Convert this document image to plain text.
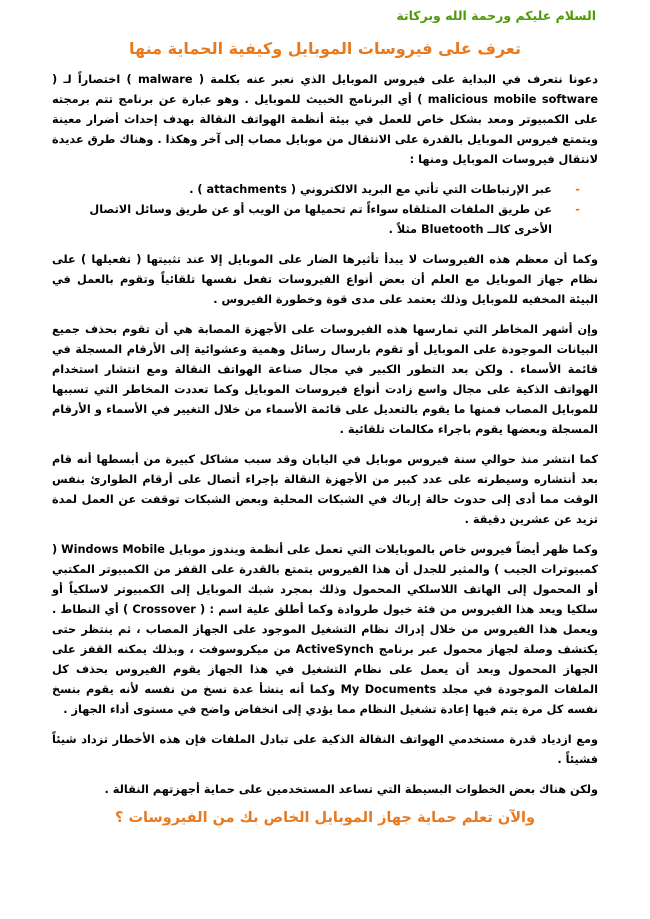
السلام عليكم ورحمة الله وبركاتة
تعرف على فيروسات الموبايل وكيفية الحماية منها

دعونا نتعرف في البداية على فيروس الموبايل الذي نعبر عنه بكلمة ( malware ) اختصاراً لـ ( malicious mobile software ) أي البرنامج الخبيث للموبايل . وهو عبارة عن برنامج تتم برمجته على الكمبيوتر ومعد بشكل خاص للعمل في بيئة أنظمة الهواتف النقالة بهدف إحداث أضرار معينة ويتمتع فيروس الموبايل بالقدرة على الانتقال من موبايل مصاب إلى آخر وهكذا . وهناك طرق عديدة لانتقال فيروسات الموبايل ومنها :

-
عبر الإرتباطات التي تأتي مع البريد الالكتروني ( attachments ) .
-
عن طريق الملفات المتلقاه سواءاً تم تحميلها من الويب أو عن طريق وسائل الاتصال الأخرى كالــ Bluetooth مثلاً .

وكما أن معظم هذه الفيروسات لا يبدأ تأثيرها الضار على الموبايل إلا عند تثبيتها ( تفعيلها ) على نظام جهاز الموبايل مع العلم أن بعض أنواع الفيروسات تفعل نفسها تلقائياً وتقوم بالعمل في البيئة المخفيه للموبايل وذلك يعتمد على مدى قوة وخطورة الفيروس .

وإن أشهر المخاطر التي تمارسها هذه الفيروسات على الأجهزة المصابة هي أن تقوم بحذف جميع البيانات الموجودة على الموبايل أو تقوم بارسال رسائل وهمية وعشوائية إلى الأرقام المسجلة في قائمة الأسماء . ولكن بعد التطور الكبير في مجال صناعة الهواتف النقالة ومع انتشار استخدام الهواتف الذكية على مجال واسع زادت أنواع فيروسات الموبايل وكما تعددت المخاطر التي تسببها للموبايل المصاب فمنها ما يقوم بالتعديل على قائمة الأسماء من خلال التغيير في الأسماء و الأرقام المسجلة وبعضها يقوم باجراء مكالمات تلقائية .

كما انتشر منذ حوالي سنة فيروس موبايل في اليابان وقد سبب مشاكل كبيرة من أبسطها أنه قام بعد أنتشاره وسيطرته على عدد كبير من الأجهزة النقالة بإجراء أتصال على أرقام الطوارئ بنفس الوقت مما أدى إلى حدوث حالة إرباك في الشبكات المحلية وبعض الشبكات توقفت عن العمل لمدة تزيد عن عشرين دقيقة .

وكما ظهر أيضاً فيروس خاص بالموبايلات التي تعمل على أنظمة ويندوز موبايل Windows Mobile ( كمبيوترات الجيب ) والمثير للجدل أن هذا الفيروس يتمتع بالقدرة على القفز من الكمبيوتر المكتبي أو المحمول إلى الهاتف اللاسلكي المحمول وذلك بمجرد شبك الموبايل إلى الكمبيوتر لاسلكياً أو سلكيا ويعد هذا الفيروس من فئة خيول طروادة وكما أطلق علية اسم : ( Crossover ) أي النطاط . ويعمل هذا الفيروس من خلال إدراك نظام التشغيل الموجود على الجهاز المصاب ، ثم ينتظر حتى يكتشف وصلة لجهاز محمول عبر برنامج ActiveSynch من ميكروسوفت ، وبذلك يمكنه القفز على الجهاز المحمول وبعد أن يعمل على نظام التشغيل في هذا الجهاز يقوم الفيروس بحذف كل الملفات الموجودة في مجلد My Documents وكما أنه ينشأ عدة نسخ من نفسه لأنه يقوم بنسخ نفسه كل مرة يتم فيها إعادة تشغيل النظام مما يؤدي إلى انخفاض واضح في مستوى أداء الجهاز .

ومع ازدياد قدرة مستخدمي الهواتف النقالة الذكية على تبادل الملفات فإن هذه الأخطار تزداد شيئاً فشيئاً .

ولكن هناك بعض الخطوات البسيطة التي تساعد المستخدمين على حماية أجهزتهم النقالة .

والآن تعلم حماية جهاز الموبايل الخاص بك من الفيروسات ؟
